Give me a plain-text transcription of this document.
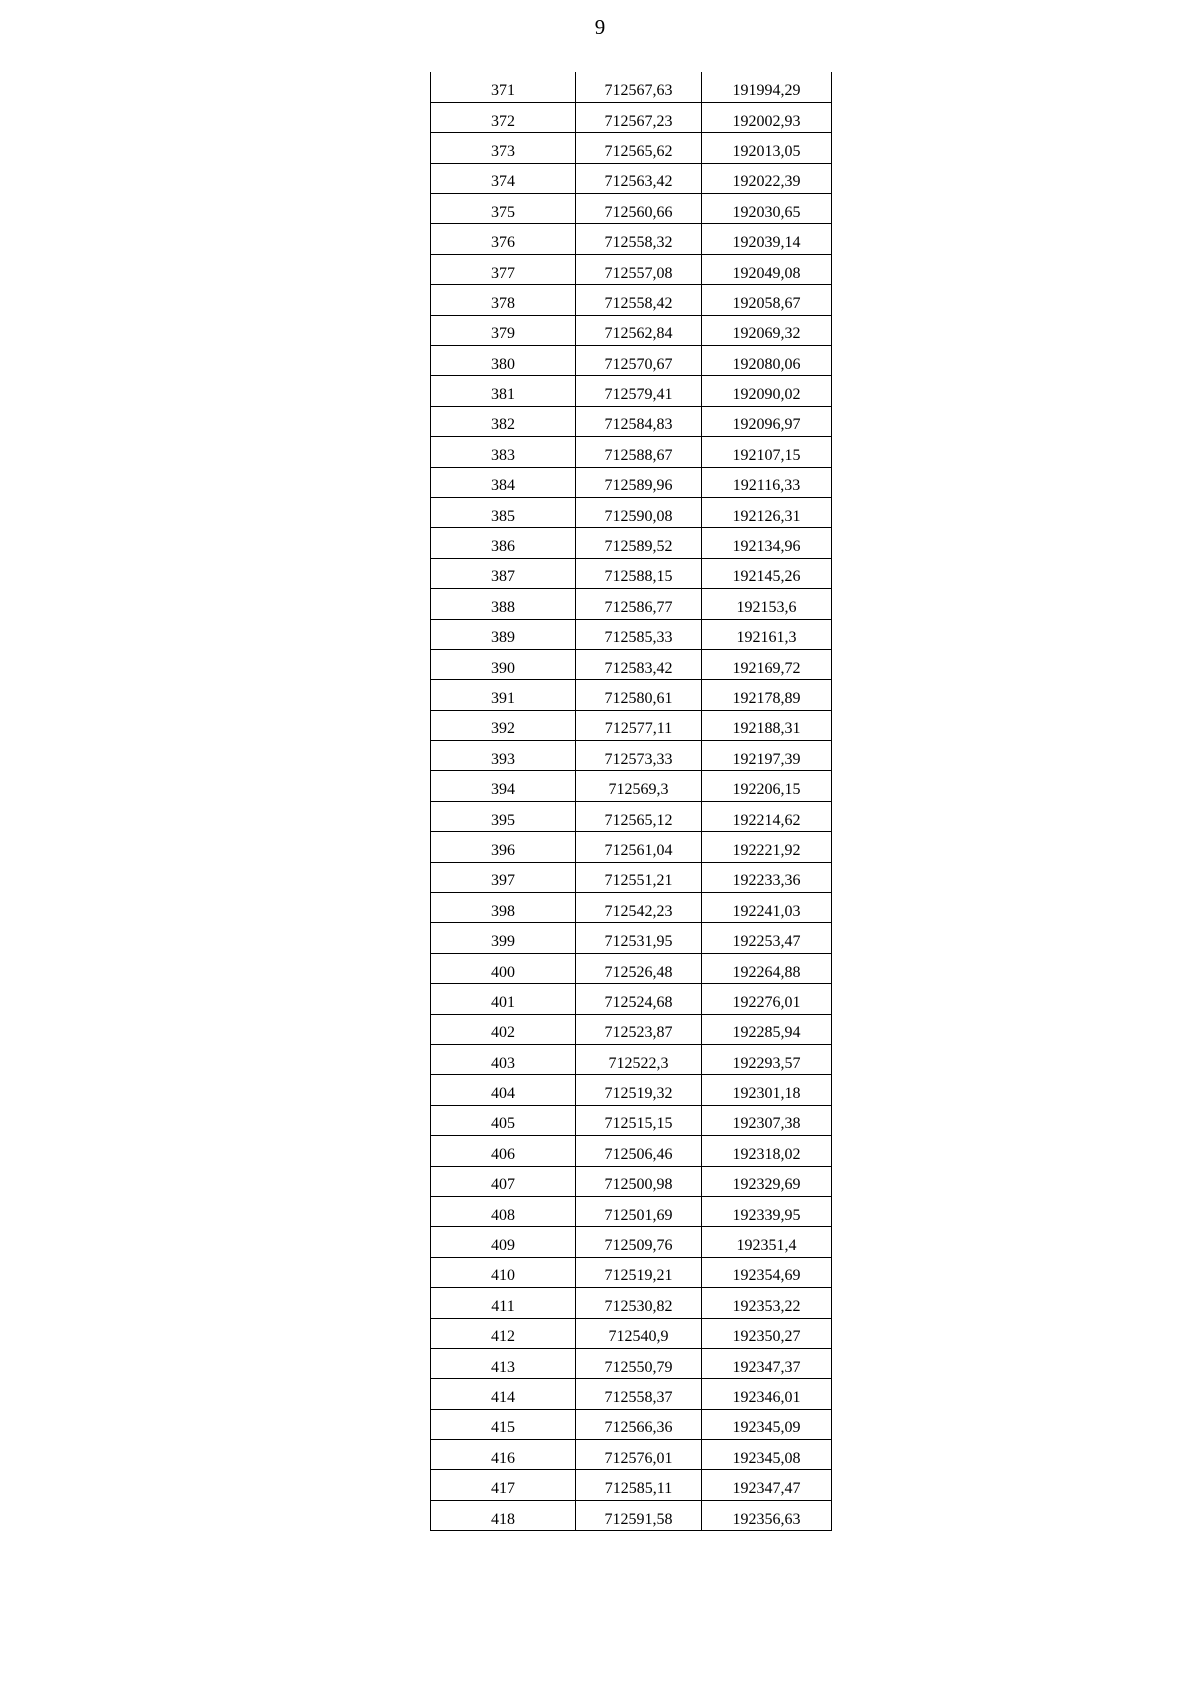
9
371	712567,63	191994,29
372	712567,23	192002,93
373	712565,62	192013,05
374	712563,42	192022,39
375	712560,66	192030,65
376	712558,32	192039,14
377	712557,08	192049,08
378	712558,42	192058,67
379	712562,84	192069,32
380	712570,67	192080,06
381	712579,41	192090,02
382	712584,83	192096,97
383	712588,67	192107,15
384	712589,96	192116,33
385	712590,08	192126,31
386	712589,52	192134,96
387	712588,15	192145,26
388	712586,77	192153,6
389	712585,33	192161,3
390	712583,42	192169,72
391	712580,61	192178,89
392	712577,11	192188,31
393	712573,33	192197,39
394	712569,3	192206,15
395	712565,12	192214,62
396	712561,04	192221,92
397	712551,21	192233,36
398	712542,23	192241,03
399	712531,95	192253,47
400	712526,48	192264,88
401	712524,68	192276,01
402	712523,87	192285,94
403	712522,3	192293,57
404	712519,32	192301,18
405	712515,15	192307,38
406	712506,46	192318,02
407	712500,98	192329,69
408	712501,69	192339,95
409	712509,76	192351,4
410	712519,21	192354,69
411	712530,82	192353,22
412	712540,9	192350,27
413	712550,79	192347,37
414	712558,37	192346,01
415	712566,36	192345,09
416	712576,01	192345,08
417	712585,11	192347,47
418	712591,58	192356,63
